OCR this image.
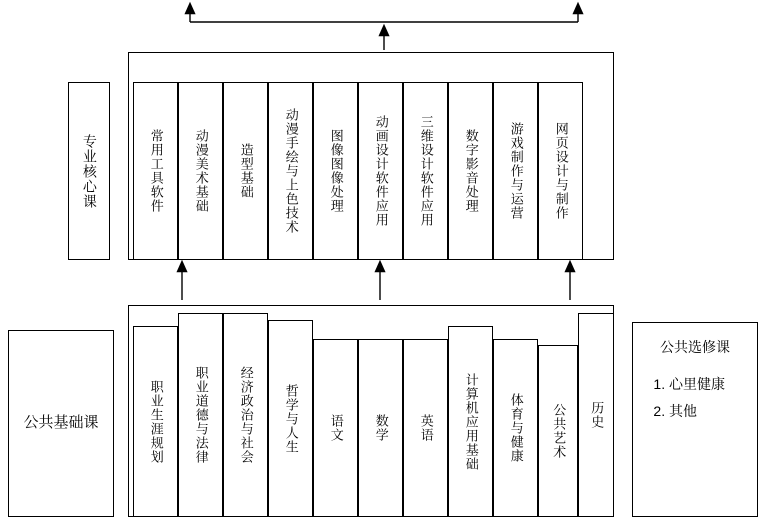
专业核心课	常用工具软件 动漫美术基础 造型基础 动漫手绘与上色技术 图像图像处理 动画设计软件应用 三维设计软件应用 数字影音处理 游戏制作与运营 网页设计与制作
公共基础课	职业生涯规划 职业道德与法律 经济政治与社会 哲学与人生 语文 数学 英语 计算机应用基础 体育与健康 公共艺术 历史
公共选修课
1. 心里健康
2. 其他
